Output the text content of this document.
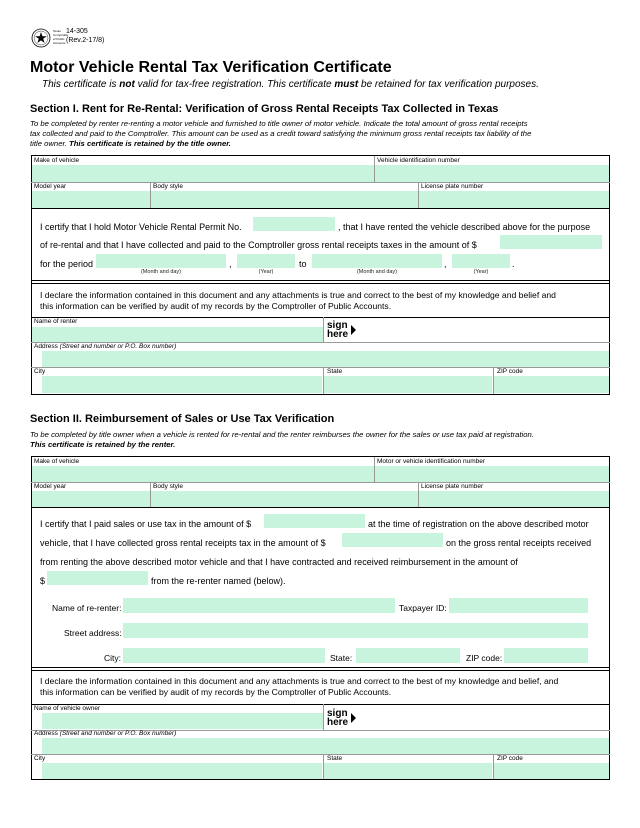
Texas Comptroller of Public Accounts
14-305
(Rev.2-17/8)
Motor Vehicle Rental Tax Verification Certificate
This certificate is not valid for tax-free registration. This certificate must be retained for tax verification purposes.
Section I. Rent for Re-Rental: Verification of Gross Rental Receipts Tax Collected in Texas
To be completed by renter re-renting a motor vehicle and furnished to title owner of motor vehicle. Indicate the total amount of gross rental receipts
tax collected and paid to the Comptroller. This amount can be used as a credit toward satisfying the minimum gross rental receipts tax liability of the
title owner. This certificate is retained by the title owner.
Make of vehicle	Vehicle identification number
Model year	Body style	License plate number
I certify that I hold Motor Vehicle Rental Permit No.	, that I have rented the vehicle described above for the purpose
of re-rental and that I have collected and paid to the Comptroller gross rental receipts taxes in the amount of $
for the period
(Month and day)
,
(Year)
to
(Month and day)
,
(Year)
.
I declare the information contained in this document and any attachments is true and correct to the best of my knowledge and belief and
this information can be verified by audit of my records by the Comptroller of Public Accounts.
Name of renter	sign
here
Address (Street and number or P.O. Box number)
City	State	ZIP code
Section II. Reimbursement of Sales or Use Tax Verification
To be completed by title owner when a vehicle is rented for re-rental and the renter reimburses the owner for the sales or use tax paid at registration.
This certificate is retained by the renter.
Make of vehicle	Motor or vehicle identification number
Model year	Body style	License plate number
I certify that I paid sales or use tax in the amount of $	at the time of registration on the above described motor
vehicle, that I have collected gross rental receipts tax in the amount of $	on the gross rental receipts received
from renting the above described motor vehicle and that I have contracted and received reimbursement in the amount of
$	from the re-renter named (below).
Name of re-renter:	Taxpayer ID:
Street address:
City:	State:	ZIP code:
I declare the information contained in this document and any attachments is true and correct to the best of my knowledge and belief, and
this information can be verified by audit of my records by the Comptroller of Public Accounts.
Name of vehicle owner	sign
here
Address (Street and number or P.O. Box number)
City	State	ZIP code
